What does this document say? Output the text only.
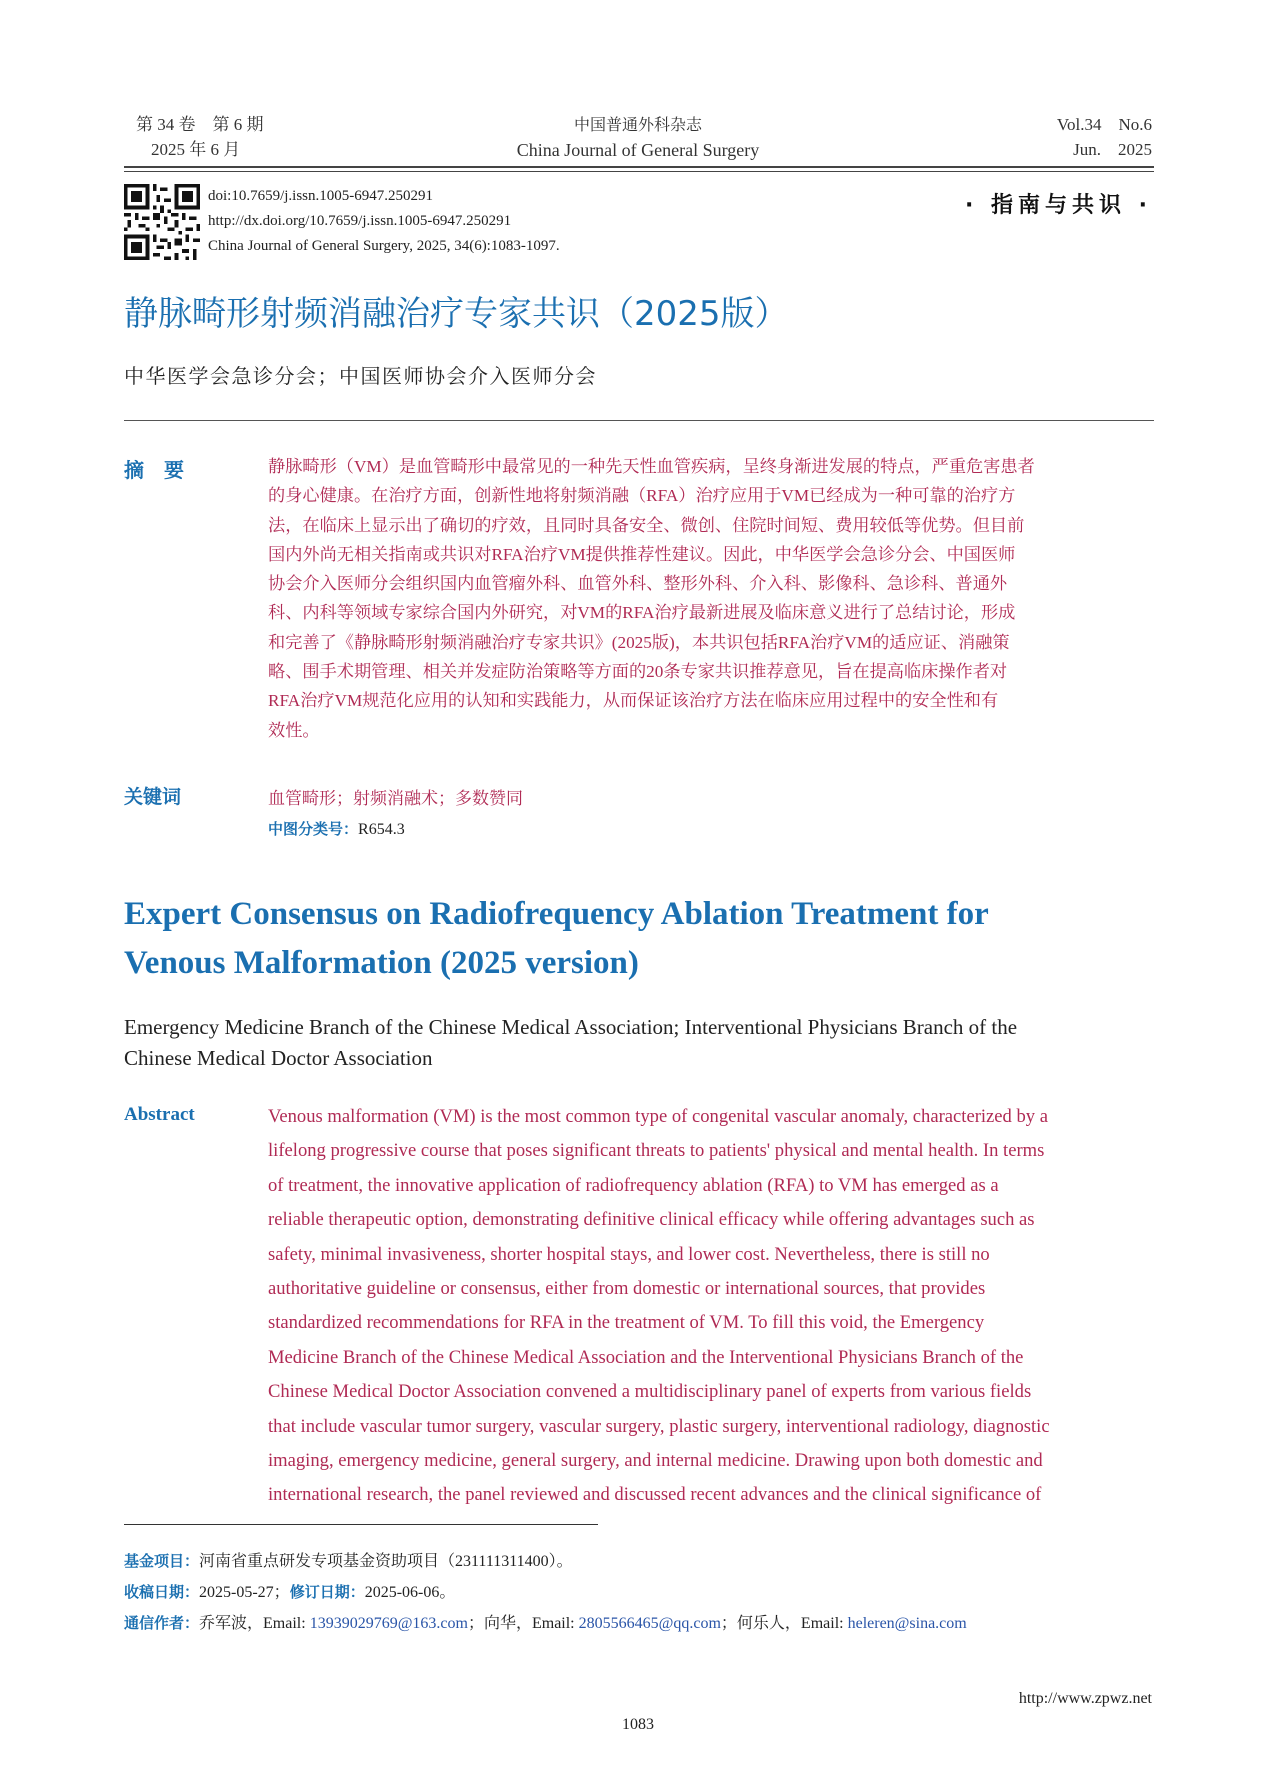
第 34 卷　第 6 期
2025 年 6 月
中国普通外科杂志
China Journal of General Surgery
Vol.34　No.6
Jun.　2025
doi:10.7659/j.issn.1005-6947.250291
http://dx.doi.org/10.7659/j.issn.1005-6947.250291
China Journal of General Surgery, 2025, 34(6):1083-1097.
· 指南与共识 ·
静脉畸形射频消融治疗专家共识（2025版）
中华医学会急诊分会；中国医师协会介入医师分会
摘　要	静脉畸形（VM）是血管畸形中最常见的一种先天性血管疾病，呈终身渐进发展的特点，严重危害患者
的身心健康。在治疗方面，创新性地将射频消融（RFA）治疗应用于VM已经成为一种可靠的治疗方
法，在临床上显示出了确切的疗效，且同时具备安全、微创、住院时间短、费用较低等优势。但目前
国内外尚无相关指南或共识对RFA治疗VM提供推荐性建议。因此，中华医学会急诊分会、中国医师
协会介入医师分会组织国内血管瘤外科、血管外科、整形外科、介入科、影像科、急诊科、普通外
科、内科等领域专家综合国内外研究，对VM的RFA治疗最新进展及临床意义进行了总结讨论，形成
和完善了《静脉畸形射频消融治疗专家共识》(2025版)，本共识包括RFA治疗VM的适应证、消融策
略、围手术期管理、相关并发症防治策略等方面的20条专家共识推荐意见，旨在提高临床操作者对
RFA治疗VM规范化应用的认知和实践能力，从而保证该治疗方法在临床应用过程中的安全性和有
效性。
关键词	血管畸形；射频消融术；多数赞同
中图分类号：R654.3
Expert Consensus on Radiofrequency Ablation Treatment for
Venous Malformation (2025 version)
Emergency Medicine Branch of the Chinese Medical Association; Interventional Physicians Branch of the
Chinese Medical Doctor Association
Abstract	Venous malformation (VM) is the most common type of congenital vascular anomaly, characterized by a
lifelong progressive course that poses significant threats to patients' physical and mental health. In terms
of treatment, the innovative application of radiofrequency ablation (RFA) to VM has emerged as a
reliable therapeutic option, demonstrating definitive clinical efficacy while offering advantages such as
safety, minimal invasiveness, shorter hospital stays, and lower cost. Nevertheless, there is still no
authoritative guideline or consensus, either from domestic or international sources, that provides
standardized recommendations for RFA in the treatment of VM. To fill this void, the Emergency
Medicine Branch of the Chinese Medical Association and the Interventional Physicians Branch of the
Chinese Medical Doctor Association convened a multidisciplinary panel of experts from various fields
that include vascular tumor surgery, vascular surgery, plastic surgery, interventional radiology, diagnostic
imaging, emergency medicine, general surgery, and internal medicine. Drawing upon both domestic and
international research, the panel reviewed and discussed recent advances and the clinical significance of
基金项目：河南省重点研发专项基金资助项目（231111311400）。
收稿日期：2025-05-27；修订日期：2025-06-06。
通信作者：乔军波，Email: 13939029769@163.com；向华，Email: 2805566465@qq.com；何乐人，Email: heleren@sina.com
http://www.zpwz.net
1083
